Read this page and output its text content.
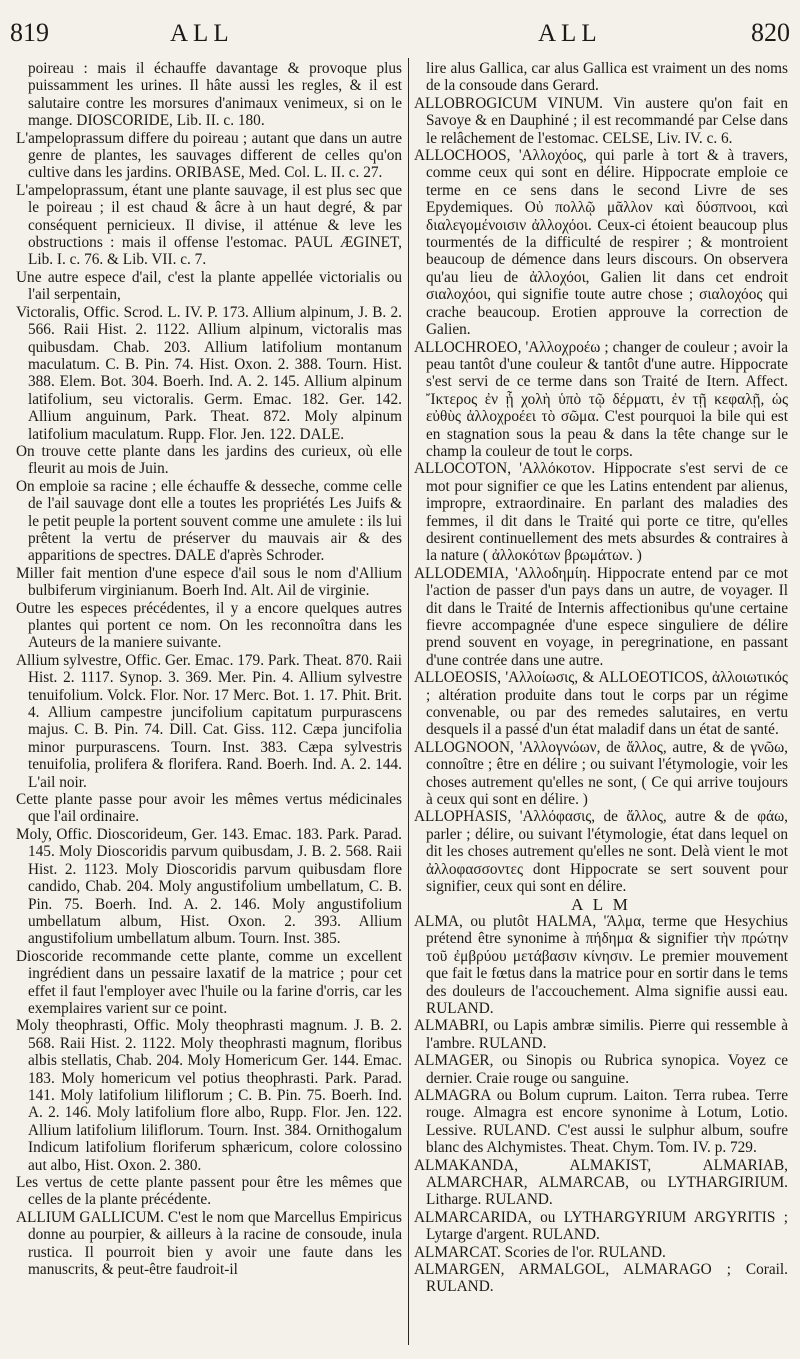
819	ALL	ALL	820

poireau : mais il échauffe davantage & provoque plus puissamment les urines. Il hâte aussi les regles, & il est salutaire contre les morsures d'animaux venimeux, si on le mange. DIOSCORIDE, Lib. II. c. 180.

L'ampeloprassum differe du poireau ; autant que dans un autre genre de plantes, les sauvages different de celles qu'on cultive dans les jardins. ORIBASE, Med. Col. L. II. c. 27.

L'ampeloprassum, étant une plante sauvage, il est plus sec que le poireau ; il est chaud & âcre à un haut degré, & par conséquent pernicieux. Il divise, il atténue & leve les obstructions : mais il offense l'estomac. PAUL ÆGINET, Lib. I. c. 76. & Lib. VII. c. 7.

Une autre espece d'ail, c'est la plante appellée victorialis ou l'ail serpentain,

Victoralis, Offic. Scrod. L. IV. P. 173. Allium alpinum, J. B. 2. 566. Raii Hist. 2. 1122. Allium alpinum, victoralis mas quibusdam. Chab. 203. Allium latifolium montanum maculatum. C. B. Pin. 74. Hist. Oxon. 2. 388. Tourn. Hist. 388. Elem. Bot. 304. Boerh. Ind. A. 2. 145. Allium alpinum latifolium, seu victoralis. Germ. Emac. 182. Ger. 142. Allium anguinum, Park. Theat. 872. Moly alpinum latifolium maculatum. Rupp. Flor. Jen. 122. DALE.

On trouve cette plante dans les jardins des curieux, où elle fleurit au mois de Juin.

On emploie sa racine ; elle échauffe & desseche, comme celle de l'ail sauvage dont elle a toutes les propriétés Les Juifs & le petit peuple la portent souvent comme une amulete : ils lui prêtent la vertu de préserver du mauvais air & des apparitions de spectres. DALE d'après Schroder.

Miller fait mention d'une espece d'ail sous le nom d'Allium bulbiferum virginianum. Boerh Ind. Alt. Ail de virginie.

Outre les especes précédentes, il y a encore quelques autres plantes qui portent ce nom. On les reconnoîtra dans les Auteurs de la maniere suivante.

Allium sylvestre, Offic. Ger. Emac. 179. Park. Theat. 870. Raii Hist. 2. 1117. Synop. 3. 369. Mer. Pin. 4. Allium sylvestre tenuifolium. Volck. Flor. Nor. 17 Merc. Bot. 1. 17. Phit. Brit. 4. Allium campestre juncifolium capitatum purpurascens majus. C. B. Pin. 74. Dill. Cat. Giss. 112. Cæpa juncifolia minor purpurascens. Tourn. Inst. 383. Cæpa sylvestris tenuifolia, prolifera & florifera. Rand. Boerh. Ind. A. 2. 144. L'ail noir.

Cette plante passe pour avoir les mêmes vertus médicinales que l'ail ordinaire.

Moly, Offic. Dioscorideum, Ger. 143. Emac. 183. Park. Parad. 145. Moly Dioscoridis parvum quibusdam, J. B. 2. 568. Raii Hist. 2. 1123. Moly Dioscoridis parvum quibusdam flore candido, Chab. 204. Moly angustifolium umbellatum, C. B. Pin. 75. Boerh. Ind. A. 2. 146. Moly angustifolium umbellatum album, Hist. Oxon. 2. 393. Allium angustifolium umbellatum album. Tourn. Inst. 385.

Dioscoride recommande cette plante, comme un excellent ingrédient dans un pessaire laxatif de la matrice ; pour cet effet il faut l'employer avec l'huile ou la farine d'orris, car les exemplaires varient sur ce point.

Moly theophrasti, Offic. Moly theophrasti magnum. J. B. 2. 568. Raii Hist. 2. 1122. Moly theophrasti magnum, floribus albis stellatis, Chab. 204. Moly Homericum Ger. 144. Emac. 183. Moly homericum vel potius theophrasti. Park. Parad. 141. Moly latifolium liliflorum ; C. B. Pin. 75. Boerh. Ind. A. 2. 146. Moly latifolium flore albo, Rupp. Flor. Jen. 122. Allium latifolium liliflorum. Tourn. Inst. 384. Ornithogalum Indicum latifolium floriferum sphæricum, colore colossino aut albo, Hist. Oxon. 2. 380.

Les vertus de cette plante passent pour être les mêmes que celles de la plante précédente.

ALLIUM GALLICUM. C'est le nom que Marcellus Empiricus donne au pourpier, & ailleurs à la racine de consoude, inula rustica. Il pourroit bien y avoir une faute dans les manuscrits, & peut-être faudroit-il

lire alus Gallica, car alus Gallica est vraiment un des noms de la consoude dans Gerard.

ALLOBROGICUM VINUM. Vin austere qu'on fait en Savoye & en Dauphiné ; il est recommandé par Celse dans le relâchement de l'estomac. CELSE, Liv. IV. c. 6.

ALLOCHOOS, 'Αλλοχόος, qui parle à tort & à travers, comme ceux qui sont en délire. Hippocrate emploie ce terme en ce sens dans le second Livre de ses Epydemiques. Οὐ πολλῷ μᾶλλον καὶ δύσπνοοι, καὶ διαλεγομένοισιν ἀλλοχόοι. Ceux-ci étoient beaucoup plus tourmentés de la difficulté de respirer ; & montroient beaucoup de démence dans leurs discours. On observera qu'au lieu de ἀλλοχόοι, Galien lit dans cet endroit σιαλοχόοι, qui signifie toute autre chose ; σιαλοχόος qui crache beaucoup. Erotien approuve la correction de Galien.

ALLOCHROEO, 'Αλλοχροέω ; changer de couleur ; avoir la peau tantôt d'une couleur & tantôt d'une autre. Hippocrate s'est servi de ce terme dans son Traité de Itern. Affect. Ἴκτερος ἐν ᾗ χολὴ ὑπὸ τῷ δέρματι, ἐν τῇ κεφαλῇ, ὡς εὐθὺς ἀλλοχροέει τὸ σῶμα. C'est pourquoi la bile qui est en stagnation sous la peau & dans la tête change sur le champ la couleur de tout le corps.

ALLOCOTON, 'Αλλόκοτον. Hippocrate s'est servi de ce mot pour signifier ce que les Latins entendent par alienus, impropre, extraordinaire. En parlant des maladies des femmes, il dit dans le Traité qui porte ce titre, qu'elles desirent continuellement des mets absurdes & contraires à la nature ( ἀλλοκότων βρωμάτων. )

ALLODEMIA, 'Αλλοδημίη. Hippocrate entend par ce mot l'action de passer d'un pays dans un autre, de voyager. Il dit dans le Traité de Internis affectionibus qu'une certaine fievre accompagnée d'une espece singuliere de délire prend souvent en voyage, in peregrinatione, en passant d'une contrée dans une autre.

ALLOEOSIS, 'Αλλοίωσις, & ALLOEOTICOS, ἀλλοιωτικός ; altération produite dans tout le corps par un régime convenable, ou par des remedes salutaires, en vertu desquels il a passé d'un état maladif dans un état de santé.

ALLOGNOON, 'Αλλογνώων, de ἄλλος, autre, & de γνῶω, connoître ; être en délire ; ou suivant l'étymologie, voir les choses autrement qu'elles ne sont, ( Ce qui arrive toujours à ceux qui sont en délire. )

ALLOPHASIS, 'Αλλόφασις, de ἄλλος, autre & de φάω, parler ; délire, ou suivant l'étymologie, état dans lequel on dit les choses autrement qu'elles ne sont. Delà vient le mot ἀλλοφασσοντες dont Hippocrate se sert souvent pour signifier, ceux qui sont en délire.

A L M

ALMA, ou plutôt HALMA, 'Άλμα, terme que Hesychius prétend être synonime à πήδημα & signifier τὴν πρώτην τοῦ ἐμβρύου μετάβασιν κίνησιν. Le premier mouvement que fait le fœtus dans la matrice pour en sortir dans le tems des douleurs de l'accouchement. Alma signifie aussi eau. RULAND.

ALMABRI, ou Lapis ambræ similis. Pierre qui ressemble à l'ambre. RULAND.

ALMAGER, ou Sinopis ou Rubrica synopica. Voyez ce dernier. Craie rouge ou sanguine.

ALMAGRA ou Bolum cuprum. Laiton. Terra rubea. Terre rouge. Almagra est encore synonime à Lotum, Lotio. Lessive. RULAND. C'est aussi le sulphur album, soufre blanc des Alchymistes. Theat. Chym. Tom. IV. p. 729.

ALMAKANDA, ALMAKIST, ALMARIAB, ALMARCHAR, ALMARCAB, ou LYTHARGIRIUM. Litharge. RULAND.

ALMARCARIDA, ou LYTHARGYRIUM ARGYRITIS ; Lytarge d'argent. RULAND.

ALMARCAT. Scories de l'or. RULAND.

ALMARGEN, ARMALGOL, ALMARAGO ; Corail. RULAND.
